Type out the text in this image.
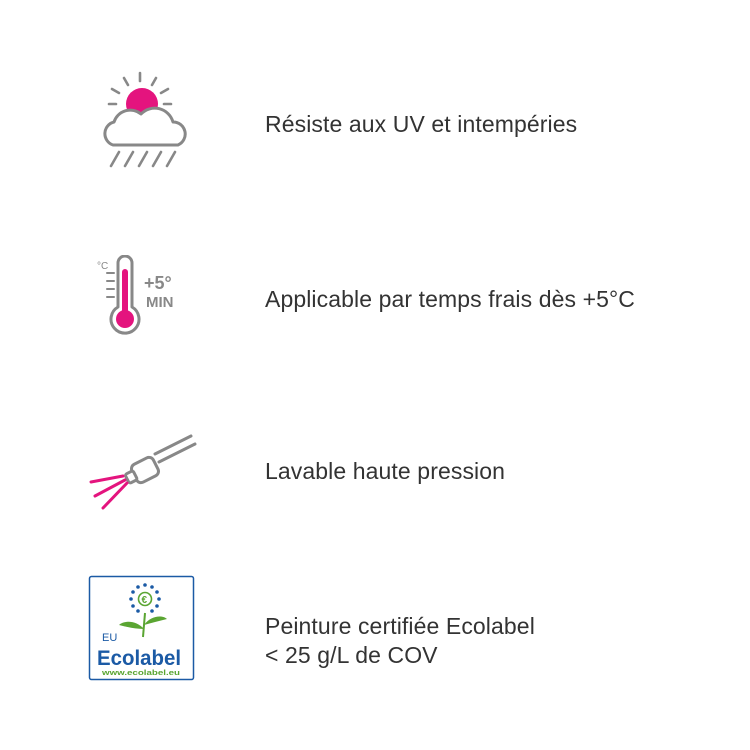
Résiste aux UV et intempéries
°C
+5°
MIN	Applicable par temps frais dès +5°C
Lavable haute pression
€
EU
Ecolabel
www.ecolabel.eu
Peinture certifiée Ecolabel
< 25 g/L de COV
